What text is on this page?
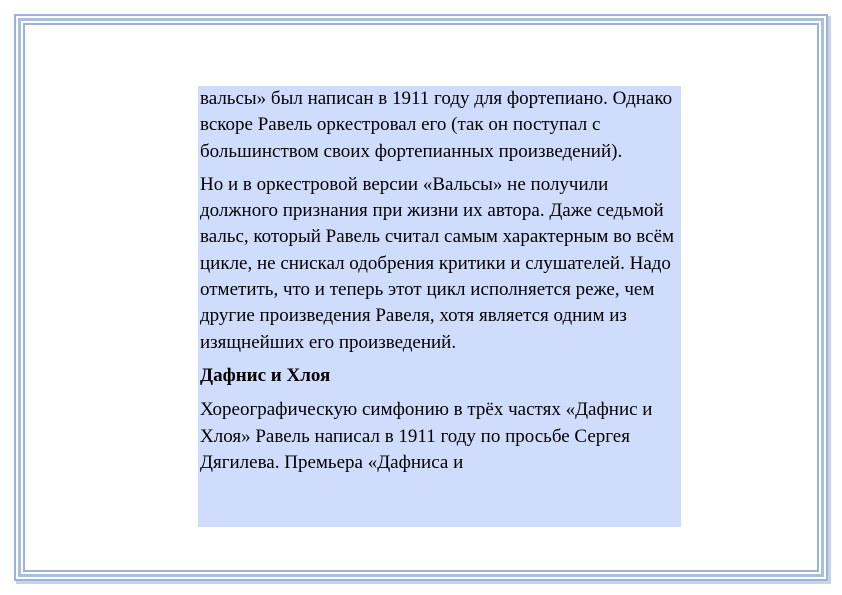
вальсы» был написан в 1911 году для фортепиано. Однако вскоре Равель оркестровал его (так он поступал с большинством своих фортепианных произведений).

Но и в оркестровой версии «Вальсы» не получили должного признания при жизни их автора. Даже седьмой вальс, который Равель считал самым характерным во всём цикле, не снискал одобрения критики и слушателей. Надо отметить, что и теперь этот цикл исполняется реже, чем другие произведения Равеля, хотя является одним из изящнейших его произведений.

Дафнис и Хлоя

Хореографическую симфонию в трёх частях «Дафнис и Хлоя» Равель написал в 1911 году по просьбе Сергея Дягилева. Премьера «Дафниса и
